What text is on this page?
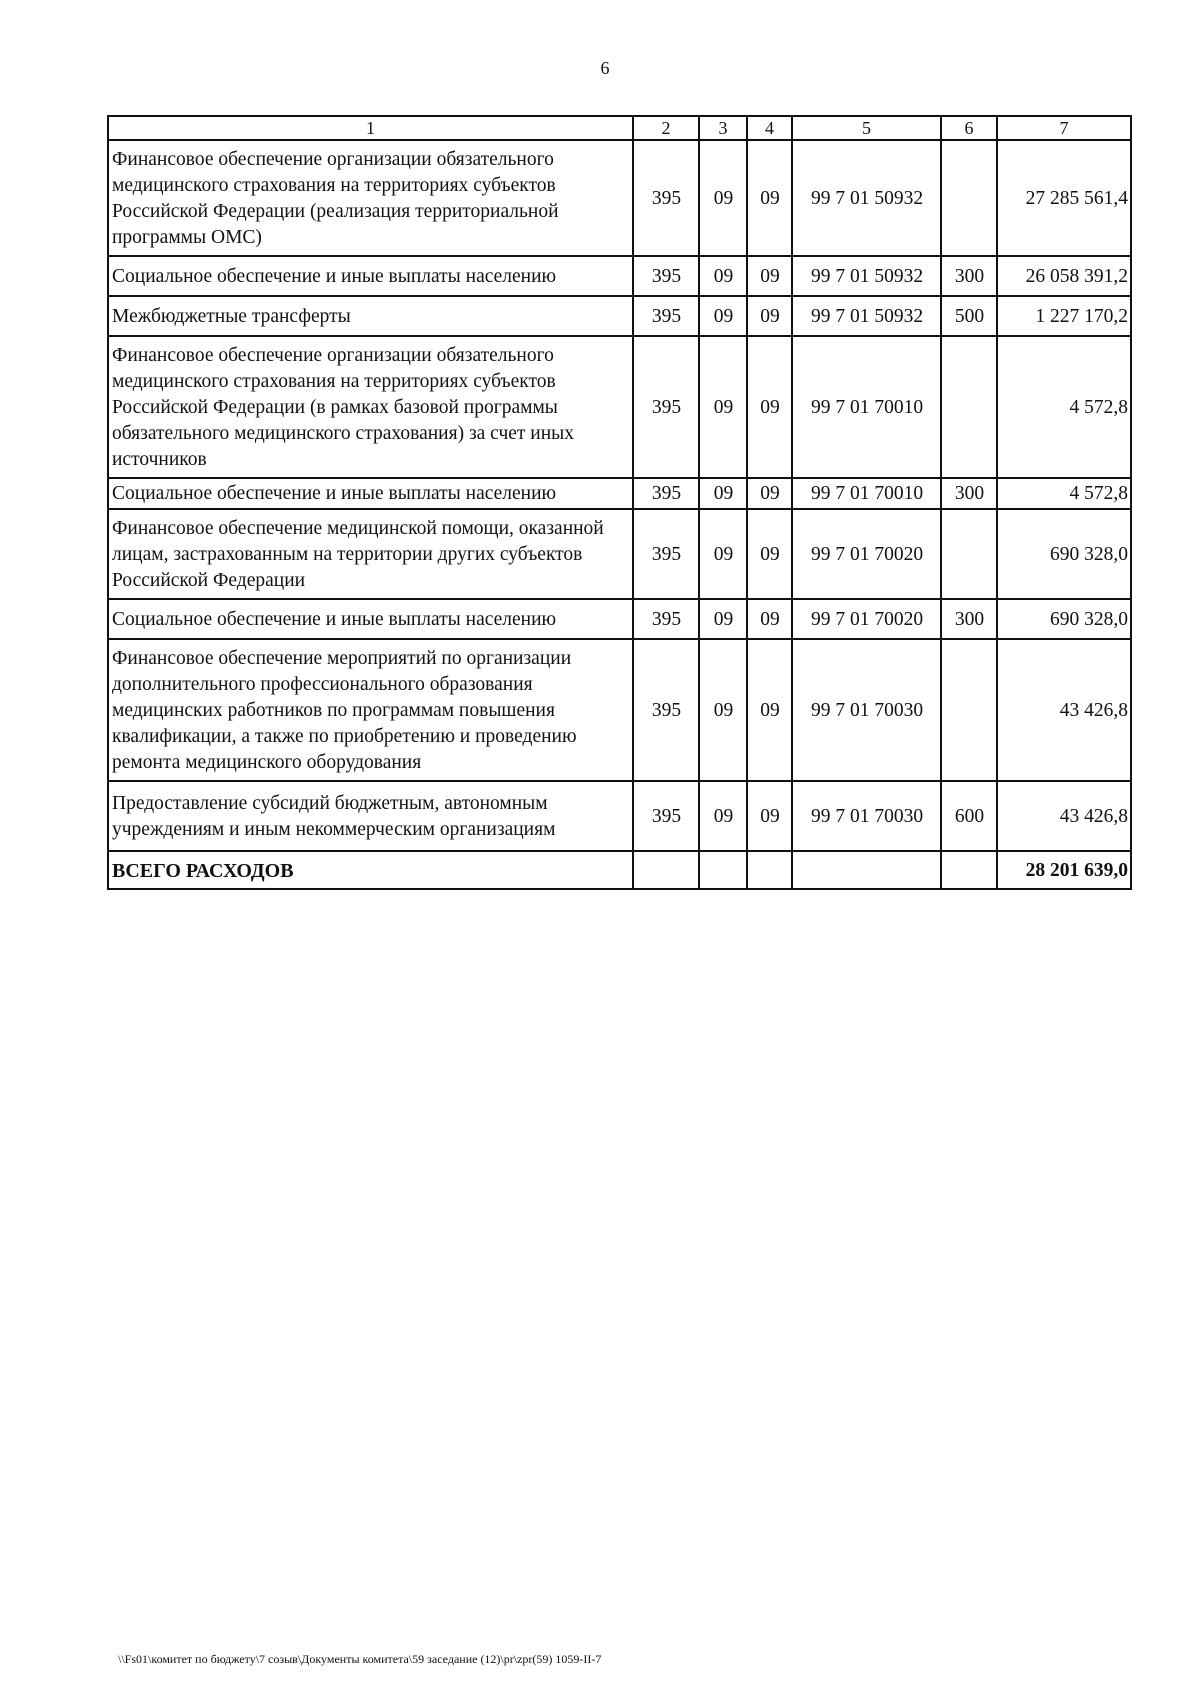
6
1	2	3	4	5	6	7
Финансовое обеспечение организации обязательного медицинского страхования на территориях субъектов Российской Федерации (реализация территориальной программы ОМС)	395	09	09	99 7 01 50932		27 285 561,4
Социальное обеспечение и иные выплаты населению	395	09	09	99 7 01 50932	300	26 058 391,2
Межбюджетные трансферты	395	09	09	99 7 01 50932	500	1 227 170,2
Финансовое обеспечение организации обязательного медицинского страхования на территориях субъектов Российской Федерации (в рамках базовой программы обязательного медицинского страхования) за счет иных источников	395	09	09	99 7 01 70010		4 572,8
Социальное обеспечение и иные выплаты населению	395	09	09	99 7 01 70010	300	4 572,8
Финансовое обеспечение медицинской помощи, оказанной лицам, застрахованным на территории других субъектов Российской Федерации	395	09	09	99 7 01 70020		690 328,0
Социальное обеспечение и иные выплаты населению	395	09	09	99 7 01 70020	300	690 328,0
Финансовое обеспечение мероприятий по организации дополнительного профессионального образования медицинских работников по программам повышения квалификации, а также по приобретению и проведению ремонта медицинского оборудования	395	09	09	99 7 01 70030		43 426,8
Предоставление субсидий бюджетным, автономным учреждениям и иным некоммерческим организациям	395	09	09	99 7 01 70030	600	43 426,8
ВСЕГО РАСХОДОВ						28 201 639,0
\\Fs01\комитет по бюджету\7 созыв\Документы комитета\59 заседание (12)\pr\zpr(59) 1059-II-7
